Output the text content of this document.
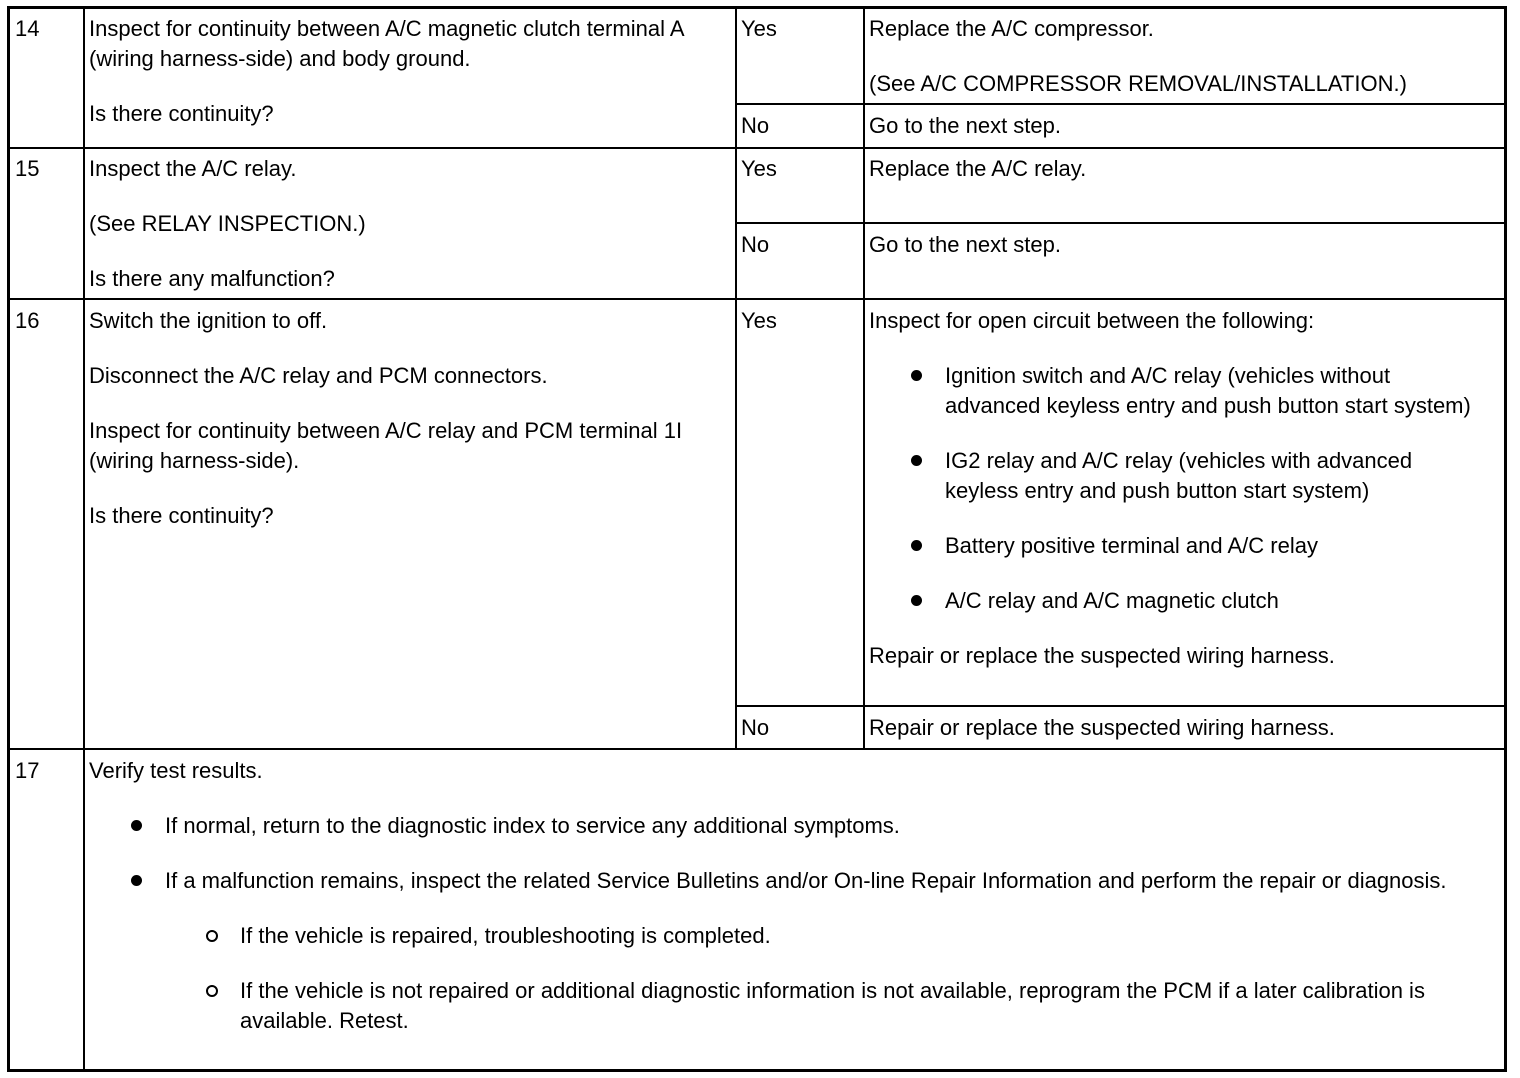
14 Inspect for continuity between A/C magnetic clutch terminal A (wiring harness-side) and body ground.

Is there continuity?

Yes	Replace the A/C compressor.

(See A/C COMPRESSOR REMOVAL/INSTALLATION.)

No	Go to the next step.
15 Inspect the A/C relay.

(See RELAY INSPECTION.)

Is there any malfunction?

Yes	Replace the A/C relay.
No	Go to the next step.
16 Switch the ignition to off.

Disconnect the A/C relay and PCM connectors.

Inspect for continuity between A/C relay and PCM terminal 1I (wiring harness-side).

Is there continuity?

Yes	Inspect for open circuit between the following:

Ignition switch and A/C relay (vehicles without advanced keyless entry and push button start system)
IG2 relay and A/C relay (vehicles with advanced keyless entry and push button start system)
Battery positive terminal and A/C relay
A/C relay and A/C magnetic clutch

Repair or replace the suspected wiring harness.

No	Repair or replace the suspected wiring harness.
17 Verify test results.

If normal, return to the diagnostic index to service any additional symptoms.
If a malfunction remains, inspect the related Service Bulletins and/or On-line Repair Information and perform the repair or diagnosis.
If the vehicle is repaired, troubleshooting is completed.
If the vehicle is not repaired or additional diagnostic information is not available, reprogram the PCM if a later calibration is available. Retest.
